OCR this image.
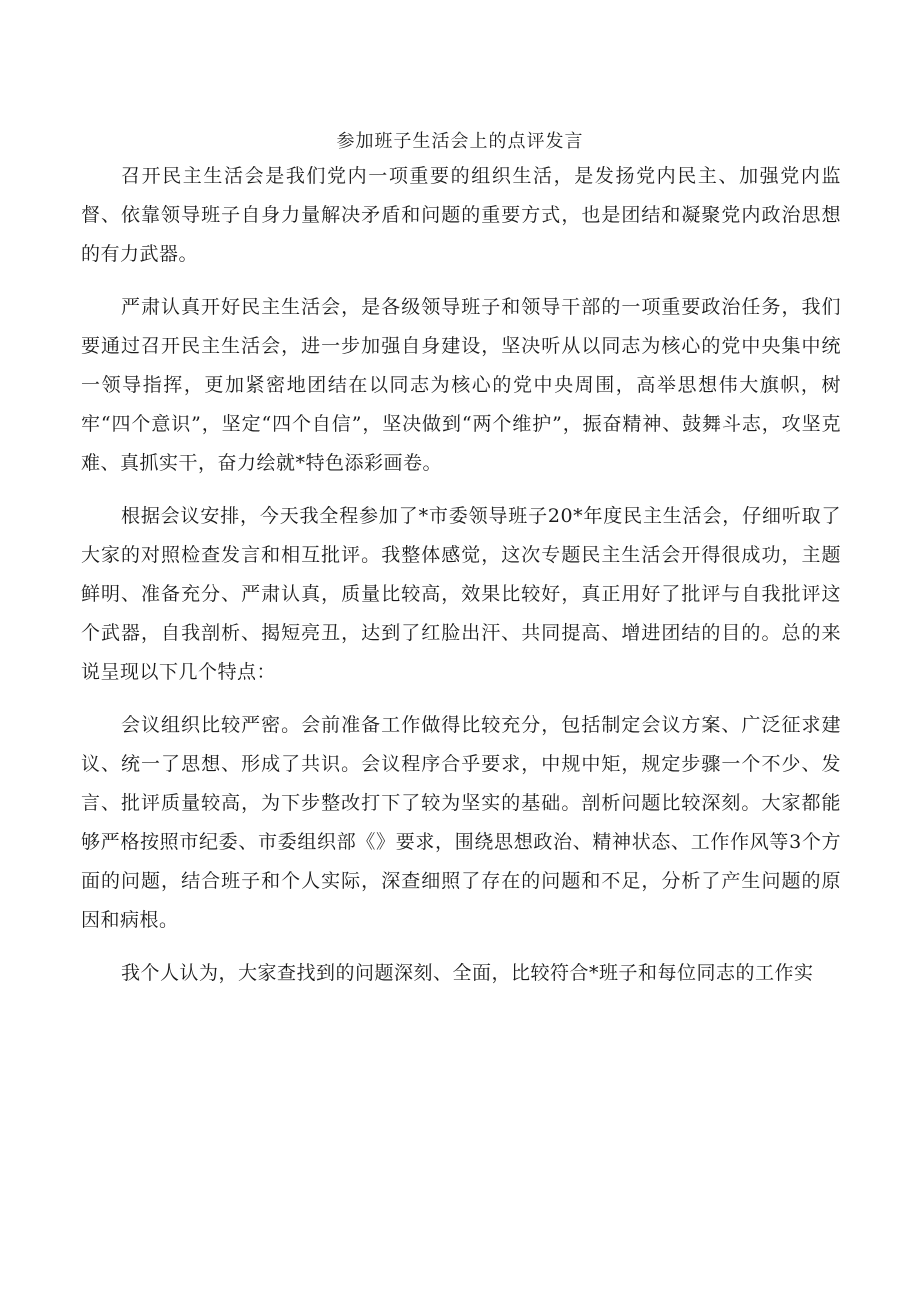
参加班子生活会上的点评发言

召开民主生活会是我们党内一项重要的组织生活，是发扬党内民主、加强党内监督、依靠领导班子自身力量解决矛盾和问题的重要方式，也是团结和凝聚党内政治思想的有力武器。

严肃认真开好民主生活会，是各级领导班子和领导干部的一项重要政治任务，我们要通过召开民主生活会，进一步加强自身建设，坚决听从以同志为核心的党中央集中统一领导指挥，更加紧密地团结在以同志为核心的党中央周围，高举思想伟大旗帜，树牢“四个意识”，坚定“四个自信”，坚决做到“两个维护”，振奋精神、鼓舞斗志，攻坚克难、真抓实干，奋力绘就*特色添彩画卷。

根据会议安排，今天我全程参加了*市委领导班子20*年度民主生活会，仔细听取了大家的对照检查发言和相互批评。我整体感觉，这次专题民主生活会开得很成功，主题鲜明、准备充分、严肃认真，质量比较高，效果比较好，真正用好了批评与自我批评这个武器，自我剖析、揭短亮丑，达到了红脸出汗、共同提高、增进团结的目的。总的来说呈现以下几个特点：

会议组织比较严密。会前准备工作做得比较充分，包括制定会议方案、广泛征求建议、统一了思想、形成了共识。会议程序合乎要求，中规中矩，规定步骤一个不少、发言、批评质量较高，为下步整改打下了较为坚实的基础。剖析问题比较深刻。大家都能够严格按照市纪委、市委组织部《》要求，围绕思想政治、精神状态、工作作风等3个方面的问题，结合班子和个人实际，深查细照了存在的问题和不足，分析了产生问题的原因和病根。

我个人认为，大家查找到的问题深刻、全面，比较符合*班子和每位同志的工作实
